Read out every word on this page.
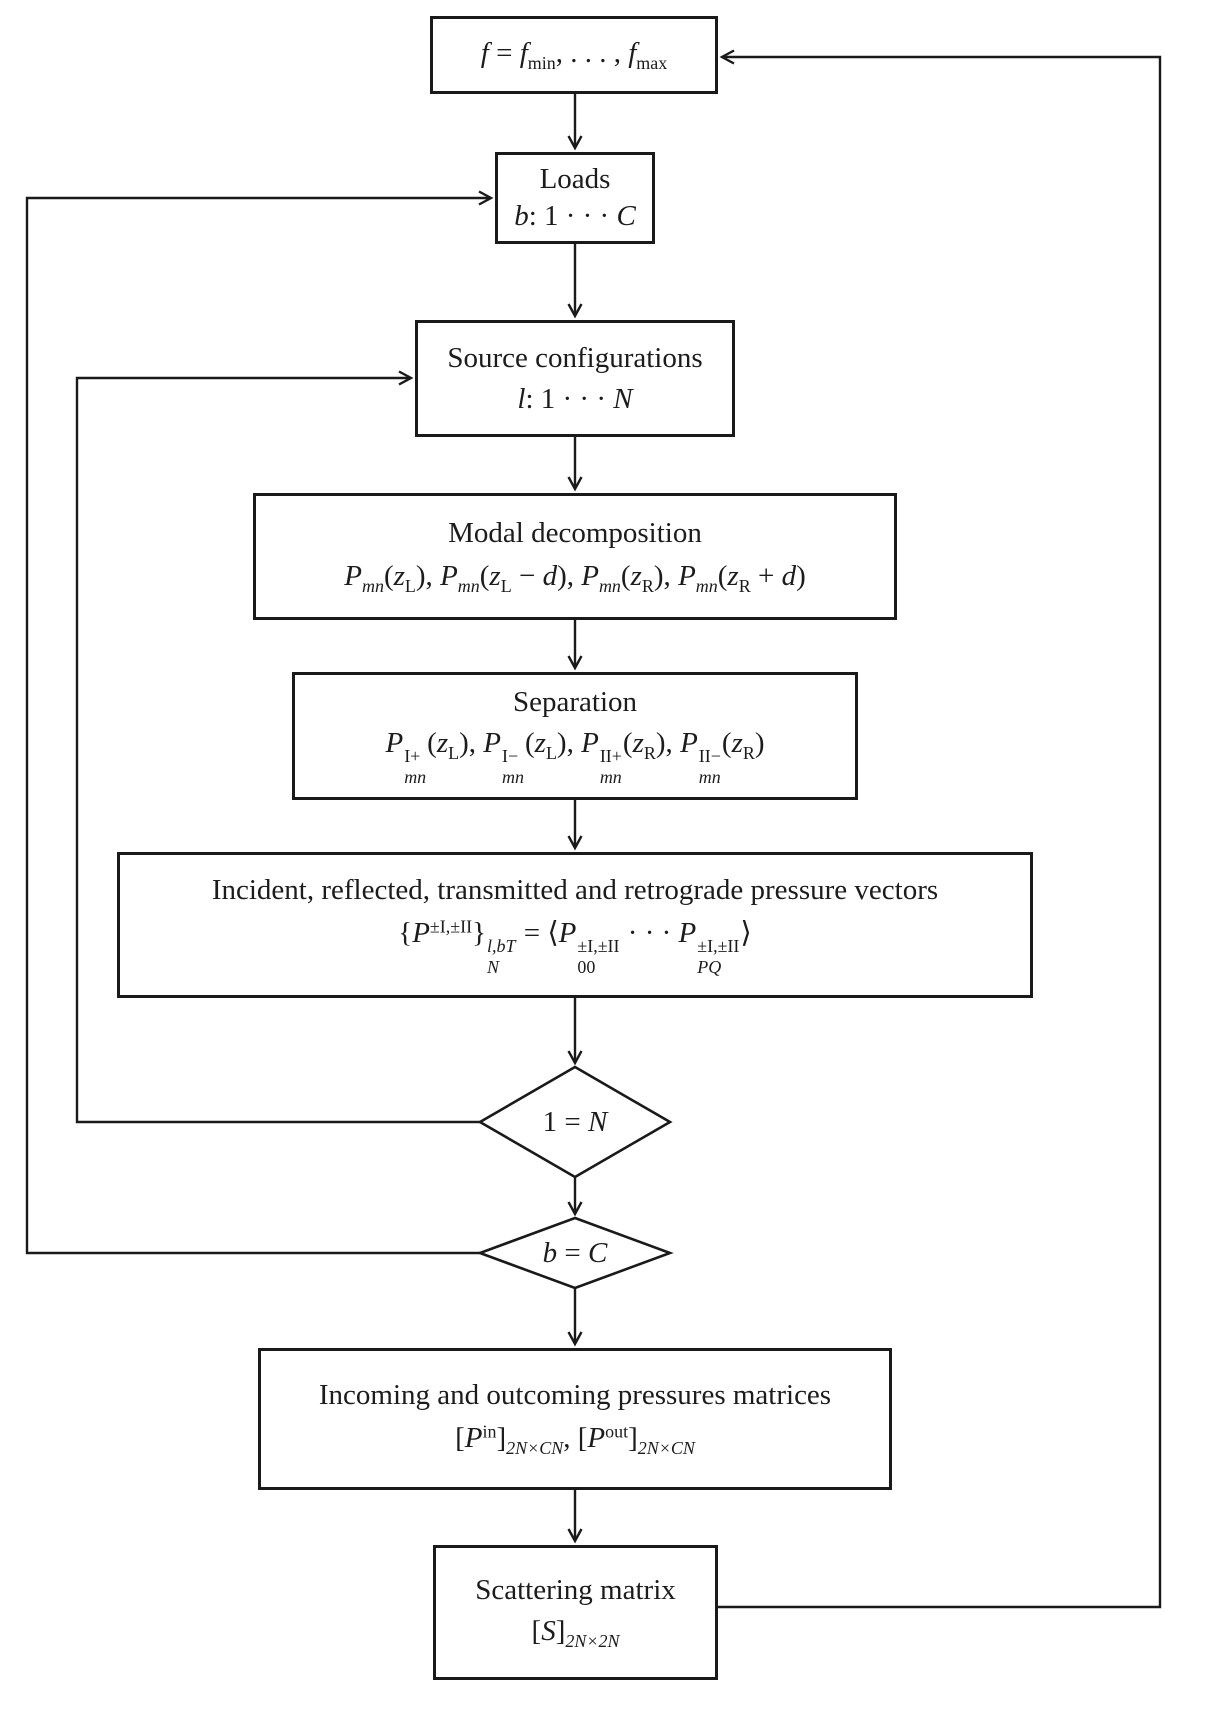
$f = f_{min}$, . . . , $f_{max}$
Loads
b: 1 · · · C
Source configurations
l: 1 · · · N
Modal decomposition
$P_{mn}(z_L)$, $P_{mn}(z_L - d)$, $P_{mn}(z_R)$, $P_{mn}(z_R + d)$
Separation
P I+
mn
$(z_L)$, P I−
mn
$(z_L)$, P II+
mn
$(z_R)$, P II−
mn
$(z_R)$
Incident, reflected, transmitted and retrograde pressure vectors
$\{P^{\pm I,\pm II}\}$ l,bT
N
= ⟨P ±I,±II
00
· · · P ±I,±II
PQ
⟩
1 = N
b = C
Incoming and outcoming pressures matrices
$[P^{in}]_{2N\times CN}$, $[P^{out}]_{2N\times CN}$
Scattering matrix
$[S]_{2N\times 2N}$
